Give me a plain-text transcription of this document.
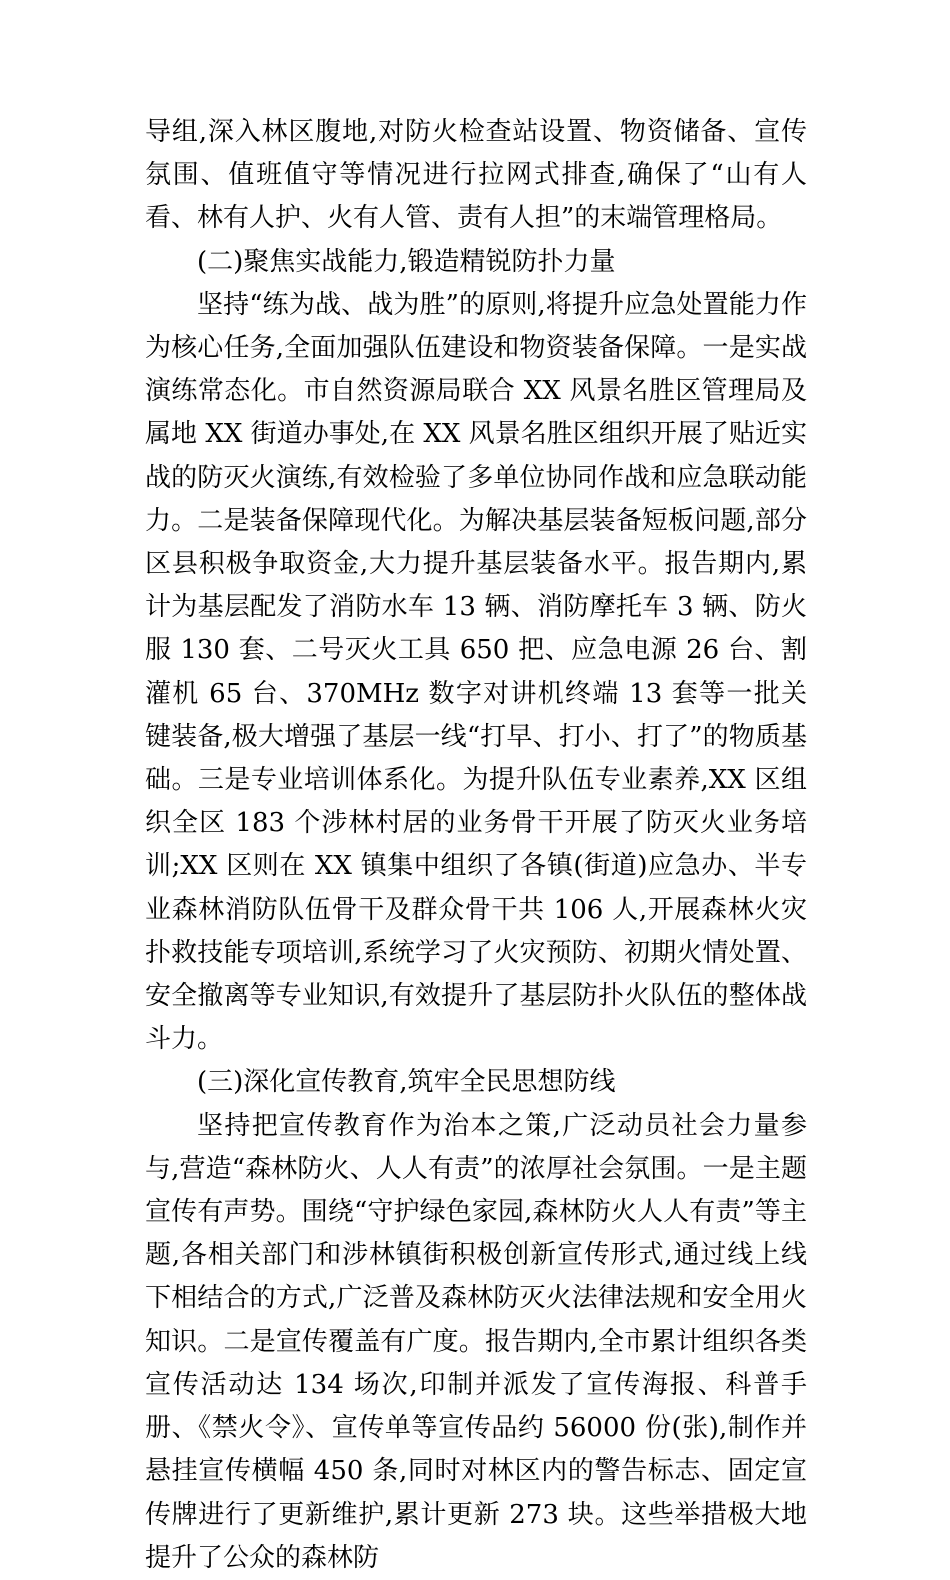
导组,深入林区腹地,对防火检查站设置、物资储备、宣传氛围、值班值守等情况进行拉网式排查,确保了“山有人看、林有人护、火有人管、责有人担”的末端管理格局。

(二)聚焦实战能力,锻造精锐防扑力量

坚持“练为战、战为胜”的原则,将提升应急处置能力作为核心任务,全面加强队伍建设和物资装备保障。一是实战演练常态化。市自然资源局联合 XX 风景名胜区管理局及属地 XX 街道办事处,在 XX 风景名胜区组织开展了贴近实战的防灭火演练,有效检验了多单位协同作战和应急联动能力。二是装备保障现代化。为解决基层装备短板问题,部分区县积极争取资金,大力提升基层装备水平。报告期内,累计为基层配发了消防水车 13 辆、消防摩托车 3 辆、防火服 130 套、二号灭火工具 650 把、应急电源 26 台、割灌机 65 台、370MHz 数字对讲机终端 13 套等一批关键装备,极大增强了基层一线“打早、打小、打了”的物质基础。三是专业培训体系化。为提升队伍专业素养,XX 区组织全区 183 个涉林村居的业务骨干开展了防灭火业务培训;XX 区则在 XX 镇集中组织了各镇(街道)应急办、半专业森林消防队伍骨干及群众骨干共 106 人,开展森林火灾扑救技能专项培训,系统学习了火灾预防、初期火情处置、安全撤离等专业知识,有效提升了基层防扑火队伍的整体战斗力。

(三)深化宣传教育,筑牢全民思想防线

坚持把宣传教育作为治本之策,广泛动员社会力量参与,营造“森林防火、人人有责”的浓厚社会氛围。一是主题宣传有声势。围绕“守护绿色家园,森林防火人人有责”等主题,各相关部门和涉林镇街积极创新宣传形式,通过线上线下相结合的方式,广泛普及森林防灭火法律法规和安全用火知识。二是宣传覆盖有广度。报告期内,全市累计组织各类宣传活动达 134 场次,印制并派发了宣传海报、科普手册、《禁火令》、宣传单等宣传品约 56000 份(张),制作并悬挂宣传横幅 450 条,同时对林区内的警告标志、固定宣传牌进行了更新维护,累计更新 273 块。这些举措极大地提升了公众的森林防
